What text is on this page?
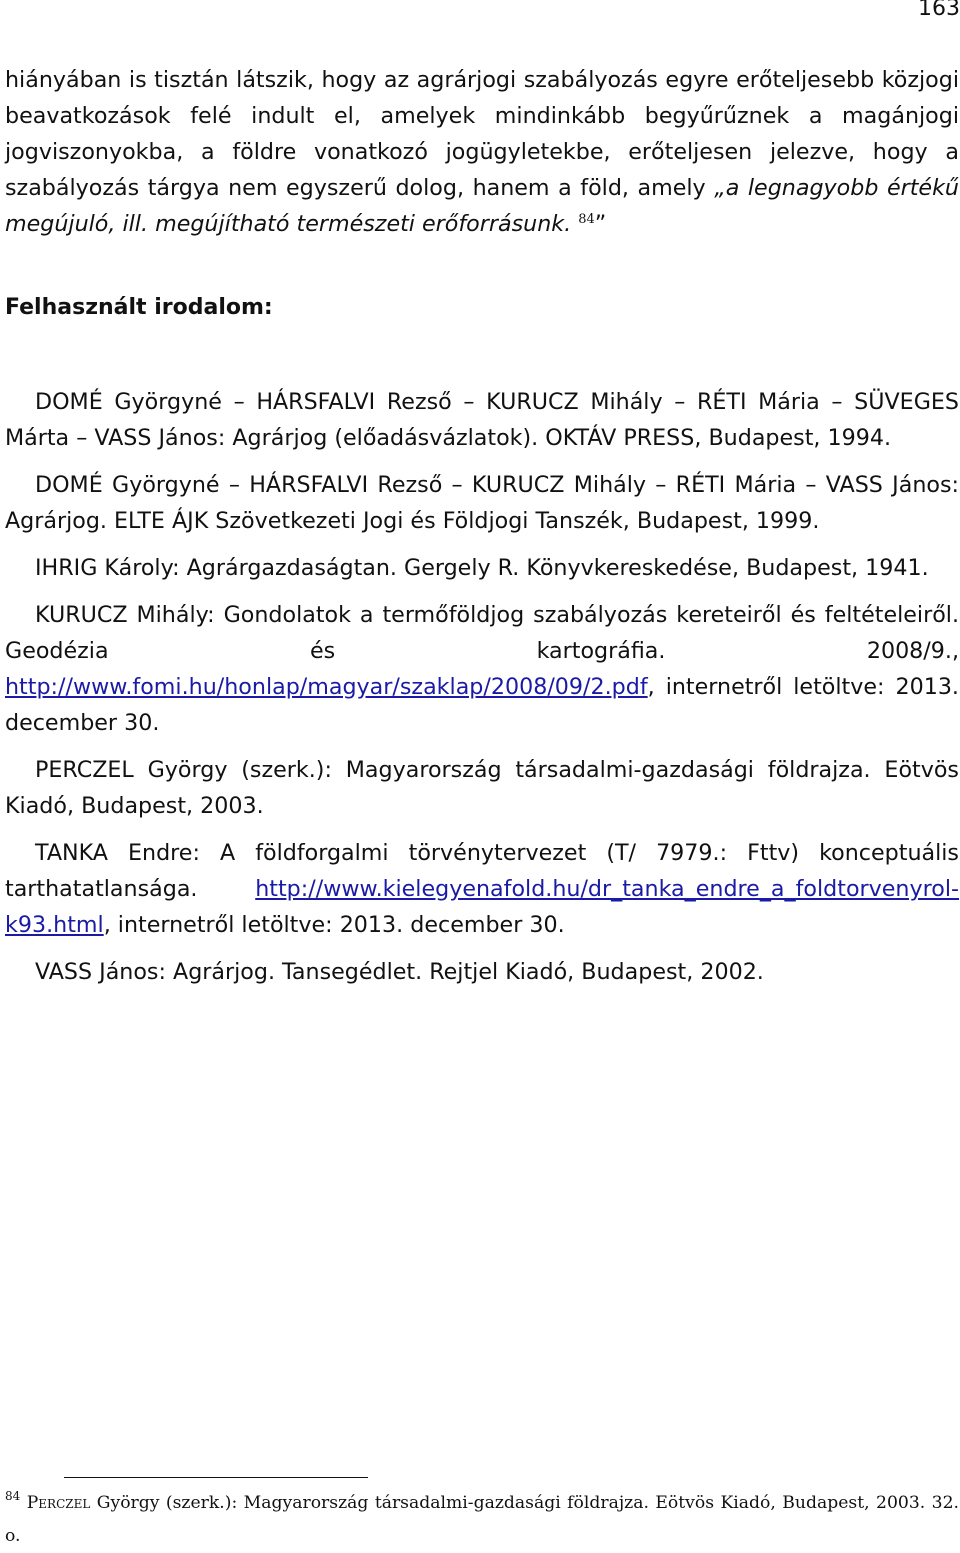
163

hiányában is tisztán látszik, hogy az agrárjogi szabályozás egyre erőteljesebb közjogi beavatkozások felé indult el, amelyek mindinkább begyűrűznek a magánjogi jogviszonyokba, a földre vonatkozó jogügyletekbe, erőteljesen jelezve, hogy a szabályozás tárgya nem egyszerű dolog, hanem a föld, amely „a legnagyobb értékű megújuló, ill. megújítható természeti erőforrásunk. $^{84}$”

Felhasznált irodalom:

DOMÉ Györgyné – HÁRSFALVI Rezső – KURUCZ Mihály – RÉTI Mária – SÜVEGES Márta – VASS János: Agrárjog (előadásvázlatok). OKTÁV PRESS, Budapest, 1994.

DOMÉ Györgyné – HÁRSFALVI Rezső – KURUCZ Mihály – RÉTI Mária – VASS János: Agrárjog. ELTE ÁJK Szövetkezeti Jogi és Földjogi Tanszék, Budapest, 1999.

IHRIG Károly: Agrárgazdaságtan. Gergely R. Könyvkereskedése, Budapest, 1941.

KURUCZ Mihály: Gondolatok a termőföldjog szabályozás kereteiről és feltételeiről. Geodézia és kartográfia. 2008/9., http://www.fomi.hu/honlap/magyar/szaklap/2008/09/2.pdf, internetről letöltve: 2013. december 30.

PERCZEL György (szerk.): Magyarország társadalmi-gazdasági földrajza. Eötvös Kiadó, Budapest, 2003.

TANKA Endre: A földforgalmi törvénytervezet (T/ 7979.: Fttv) konceptuális tarthatatlansága. http://www.kielegyenafold.hu/dr_tanka_endre_a_foldtorvenyrol-k93.html, internetről letöltve: 2013. december 30.

VASS János: Agrárjog. Tansegédlet. Rejtjel Kiadó, Budapest, 2002.

$^{84}$ Perczel György (szerk.): Magyarország társadalmi-gazdasági földrajza. Eötvös Kiadó, Budapest, 2003. 32. o.
